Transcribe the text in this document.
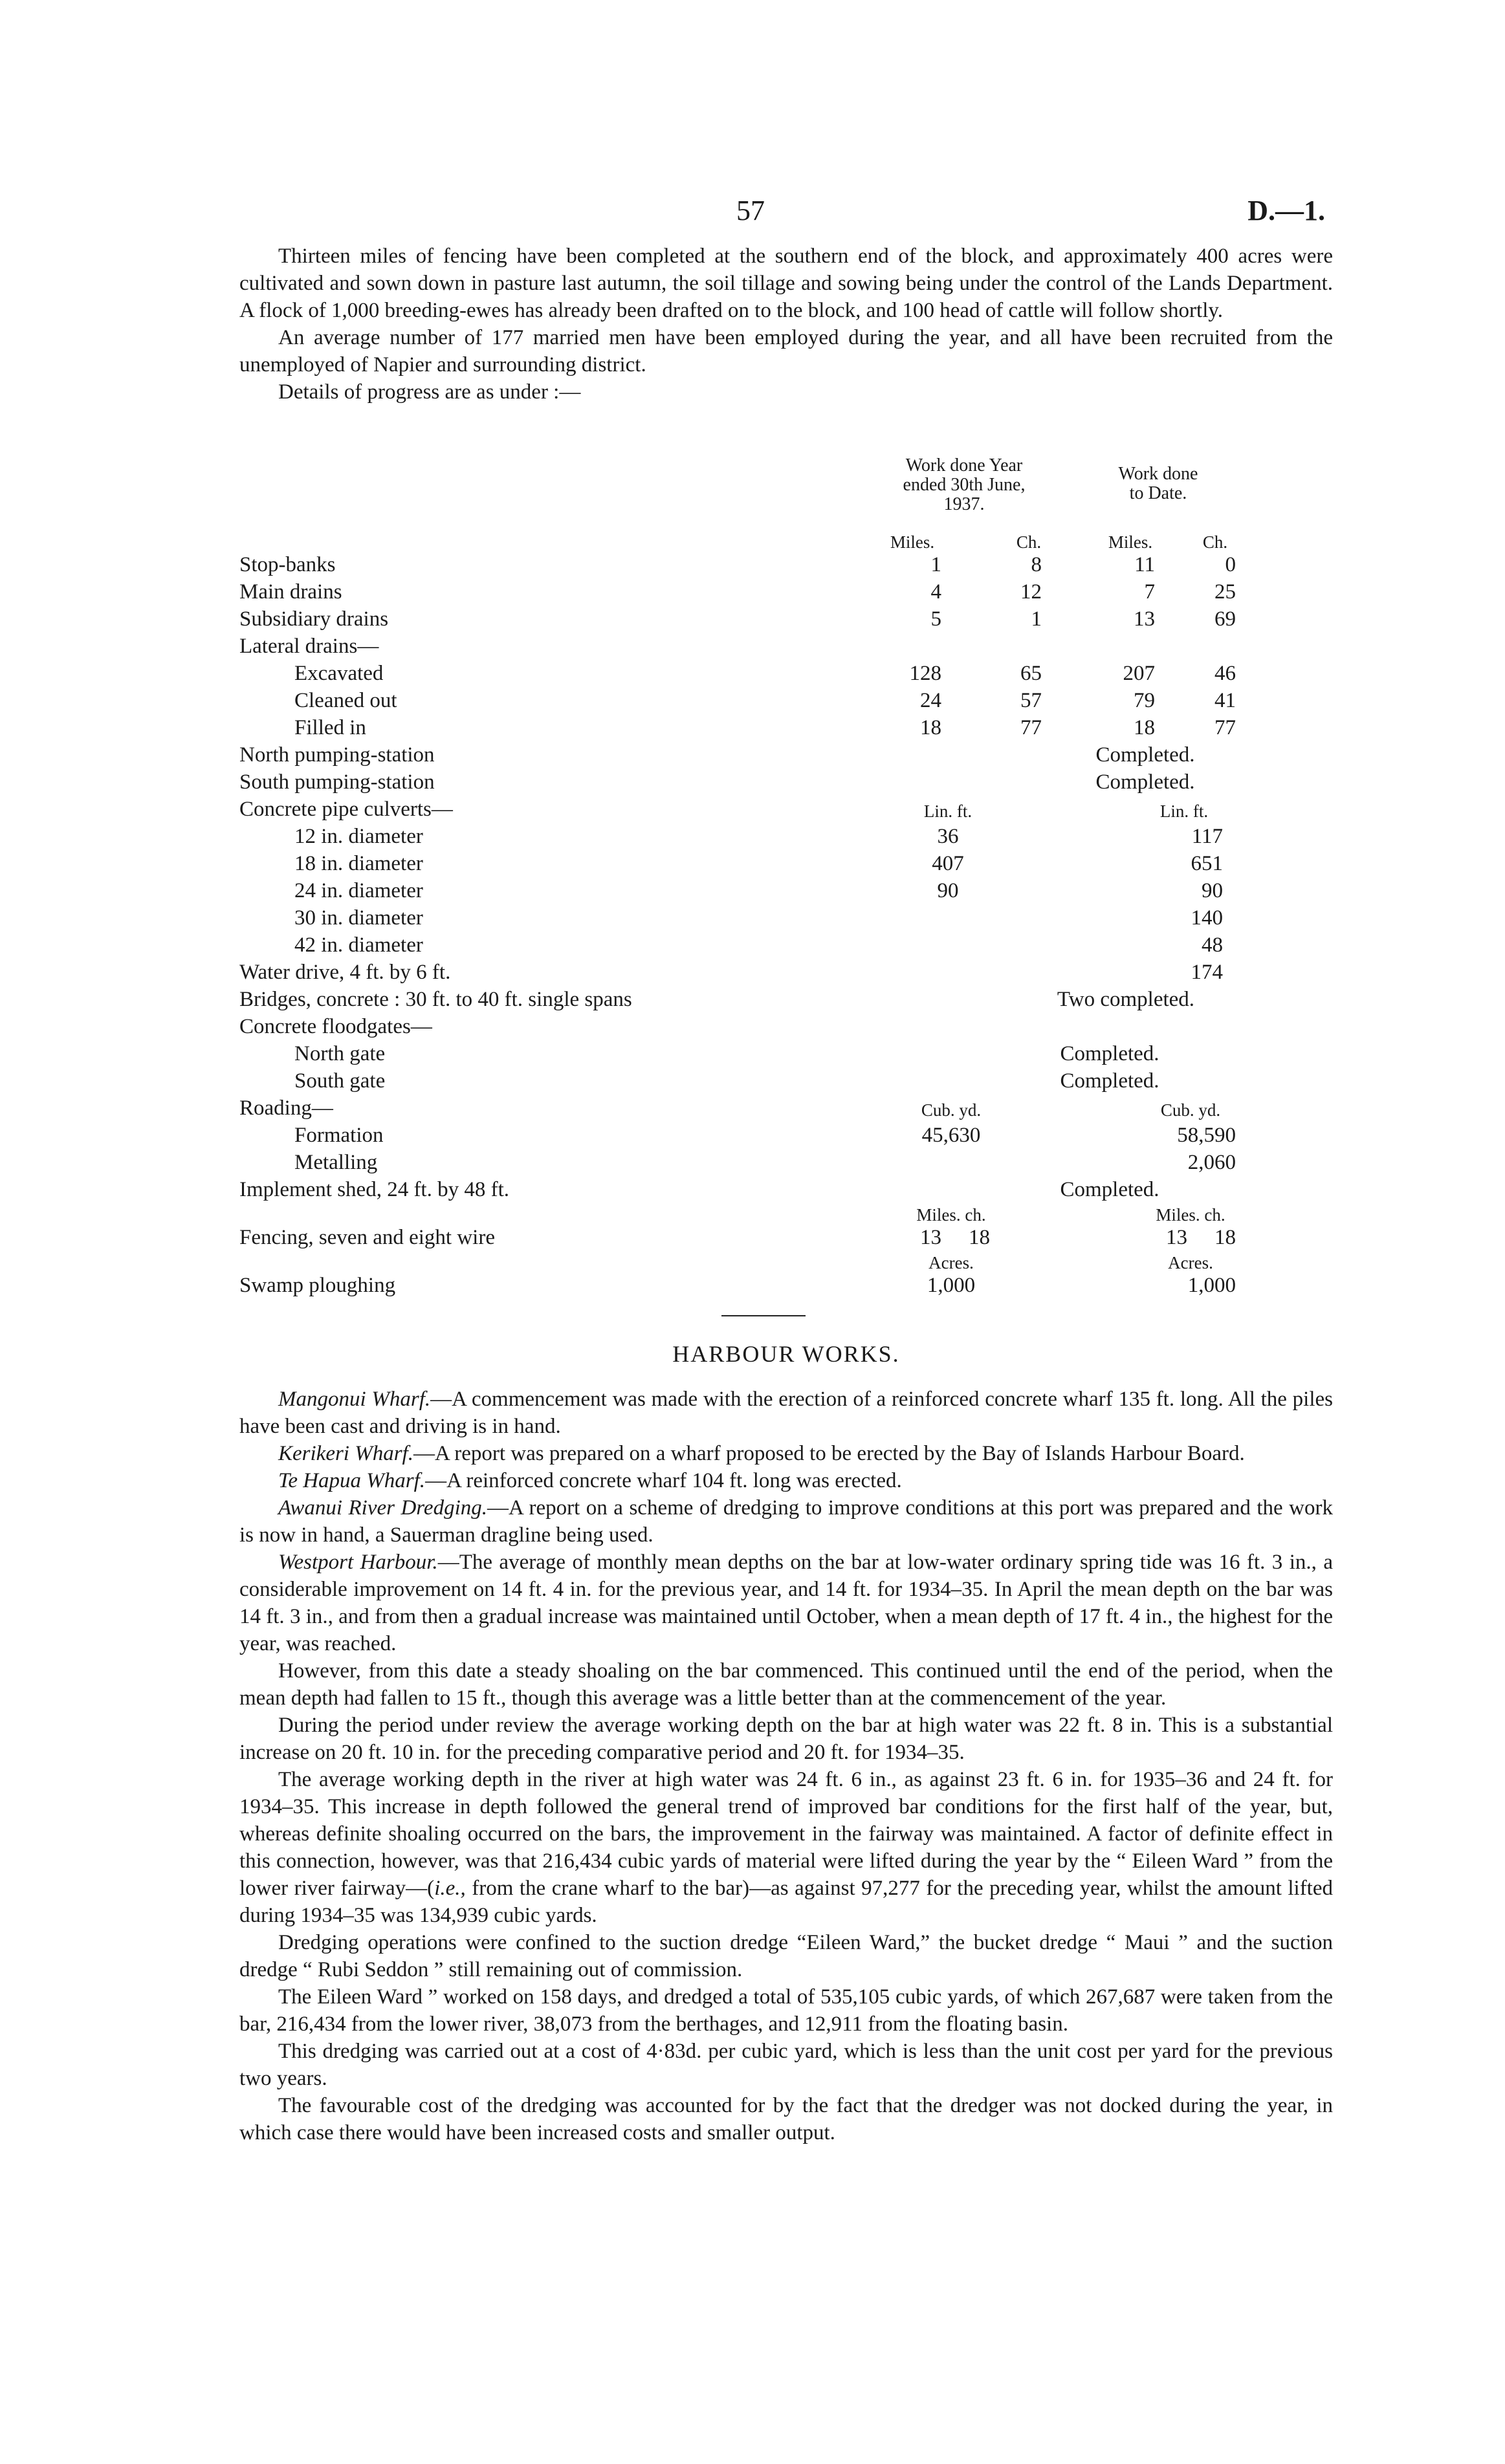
57	D.—1.

Thirteen miles of fencing have been completed at the southern end of the block, and approximately 400 acres were cultivated and sown down in pasture last autumn, the soil tillage and sowing being under the control of the Lands Department. A flock of 1,000 breeding-ewes has already been drafted on to the block, and 100 head of cattle will follow shortly.

An average number of 177 married men have been employed during the year, and all have been recruited from the unemployed of Napier and surrounding district.

Details of progress are as under :—

Work done Year
ended 30th June,
1937.
Work done
to Date.
Miles.	Ch.	Miles.	Ch.
Stop-banks	1	8	11	0
Main drains	4	12	7	25
Subsidiary drains	5	1	13	69
Lateral drains—
Excavated	128	65	207	46
Cleaned out	24	57	79	41
Filled in	18	77	18	77
North pumping-station	Completed.
South pumping-station	Completed.
Concrete pipe culverts—	Lin. ft.	Lin. ft.
12 in. diameter	36	117
18 in. diameter	407	651
24 in. diameter	90	90
30 in. diameter	140
42 in. diameter	48
Water drive, 4 ft. by 6 ft.	174
Bridges, concrete : 30 ft. to 40 ft. single spans	Two completed.
Concrete floodgates—
North gate	Completed.
South gate	Completed.
Roading—	Cub. yd.	Cub. yd.
Formation	45,630	58,590
Metalling	2,060
Implement shed, 24 ft. by 48 ft.	Completed.
Miles. ch.	Miles. ch.
Fencing, seven and eight wire	13	18	13	18
Acres.	Acres.
Swamp ploughing	1,000	1,000
HARBOUR WORKS.

Mangonui Wharf.—A commencement was made with the erection of a reinforced concrete wharf 135 ft. long. All the piles have been cast and driving is in hand.

Kerikeri Wharf.—A report was prepared on a wharf proposed to be erected by the Bay of Islands Harbour Board.

Te Hapua Wharf.—A reinforced concrete wharf 104 ft. long was erected.

Awanui River Dredging.—A report on a scheme of dredging to improve conditions at this port was prepared and the work is now in hand, a Sauerman dragline being used.

Westport Harbour.—The average of monthly mean depths on the bar at low-water ordinary spring tide was 16 ft. 3 in., a considerable improvement on 14 ft. 4 in. for the previous year, and 14 ft. for 1934–35. In April the mean depth on the bar was 14 ft. 3 in., and from then a gradual increase was maintained until October, when a mean depth of 17 ft. 4 in., the highest for the year, was reached.

However, from this date a steady shoaling on the bar commenced. This continued until the end of the period, when the mean depth had fallen to 15 ft., though this average was a little better than at the commencement of the year.

During the period under review the average working depth on the bar at high water was 22 ft. 8 in. This is a substantial increase on 20 ft. 10 in. for the preceding comparative period and 20 ft. for 1934–35.

The average working depth in the river at high water was 24 ft. 6 in., as against 23 ft. 6 in. for 1935–36 and 24 ft. for 1934–35. This increase in depth followed the general trend of improved bar conditions for the first half of the year, but, whereas definite shoaling occurred on the bars, the improvement in the fairway was maintained. A factor of definite effect in this connection, however, was that 216,434 cubic yards of material were lifted during the year by the “ Eileen Ward ” from the lower river fairway—(i.e., from the crane wharf to the bar)—as against 97,277 for the preceding year, whilst the amount lifted during 1934–35 was 134,939 cubic yards.

Dredging operations were confined to the suction dredge “Eileen Ward,” the bucket dredge “ Maui ” and the suction dredge “ Rubi Seddon ” still remaining out of commission.

The Eileen Ward ” worked on 158 days, and dredged a total of 535,105 cubic yards, of which 267,687 were taken from the bar, 216,434 from the lower river, 38,073 from the berthages, and 12,911 from the floating basin.

This dredging was carried out at a cost of 4·83d. per cubic yard, which is less than the unit cost per yard for the previous two years.

The favourable cost of the dredging was accounted for by the fact that the dredger was not docked during the year, in which case there would have been increased costs and smaller output.
